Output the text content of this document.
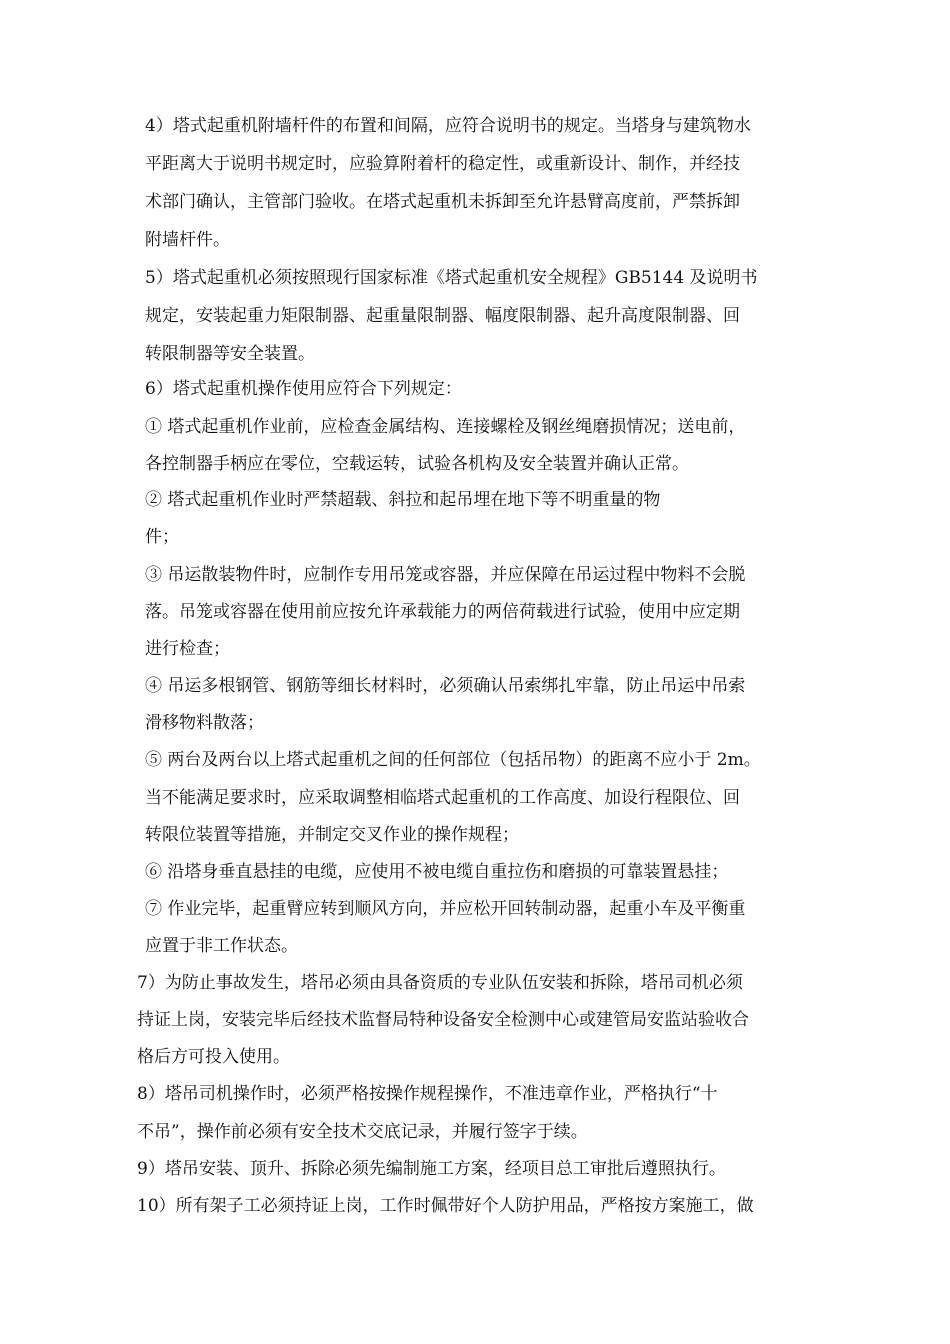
4）塔式起重机附墙杆件的布置和间隔，应符合说明书的规定。当塔身与建筑物水
平距离大于说明书规定时，应验算附着杆的稳定性，或重新设计、制作，并经技
术部门确认，主管部门验收。在塔式起重机未拆卸至允许悬臂高度前，严禁拆卸
附墙杆件。
5）塔式起重机必须按照现行国家标准《塔式起重机安全规程》GB5144 及说明书
规定，安装起重力矩限制器、起重量限制器、幅度限制器、起升高度限制器、回
转限制器等安全装置。
6）塔式起重机操作使用应符合下列规定：
① 塔式起重机作业前，应检查金属结构、连接螺栓及钢丝绳磨损情况；送电前，
各控制器手柄应在零位，空载运转，试验各机构及安全装置并确认正常。
② 塔式起重机作业时严禁超载、斜拉和起吊埋在地下等不明重量的物
件；
③ 吊运散装物件时，应制作专用吊笼或容器，并应保障在吊运过程中物料不会脱
落。吊笼或容器在使用前应按允许承载能力的两倍荷载进行试验，使用中应定期
进行检查；
④ 吊运多根钢管、钢筋等细长材料时，必须确认吊索绑扎牢靠，防止吊运中吊索
滑移物料散落；
⑤ 两台及两台以上塔式起重机之间的任何部位（包括吊物）的距离不应小于 2m。
当不能满足要求时，应采取调整相临塔式起重机的工作高度、加设行程限位、回
转限位装置等措施，并制定交叉作业的操作规程；
⑥ 沿塔身垂直悬挂的电缆，应使用不被电缆自重拉伤和磨损的可靠装置悬挂；
⑦ 作业完毕，起重臂应转到顺风方向，并应松开回转制动器，起重小车及平衡重
应置于非工作状态。
7）为防止事故发生，塔吊必须由具备资质的专业队伍安装和拆除，塔吊司机必须
持证上岗，安装完毕后经技术监督局特种设备安全检测中心或建管局安监站验收合
格后方可投入使用。
8）塔吊司机操作时，必须严格按操作规程操作，不准违章作业，严格执行“十
不吊”，操作前必须有安全技术交底记录，并履行签字于续。
9）塔吊安装、顶升、拆除必须先编制施工方案，经项目总工审批后遵照执行。
10）所有架子工必须持证上岗，工作时佩带好个人防护用品，严格按方案施工，做
